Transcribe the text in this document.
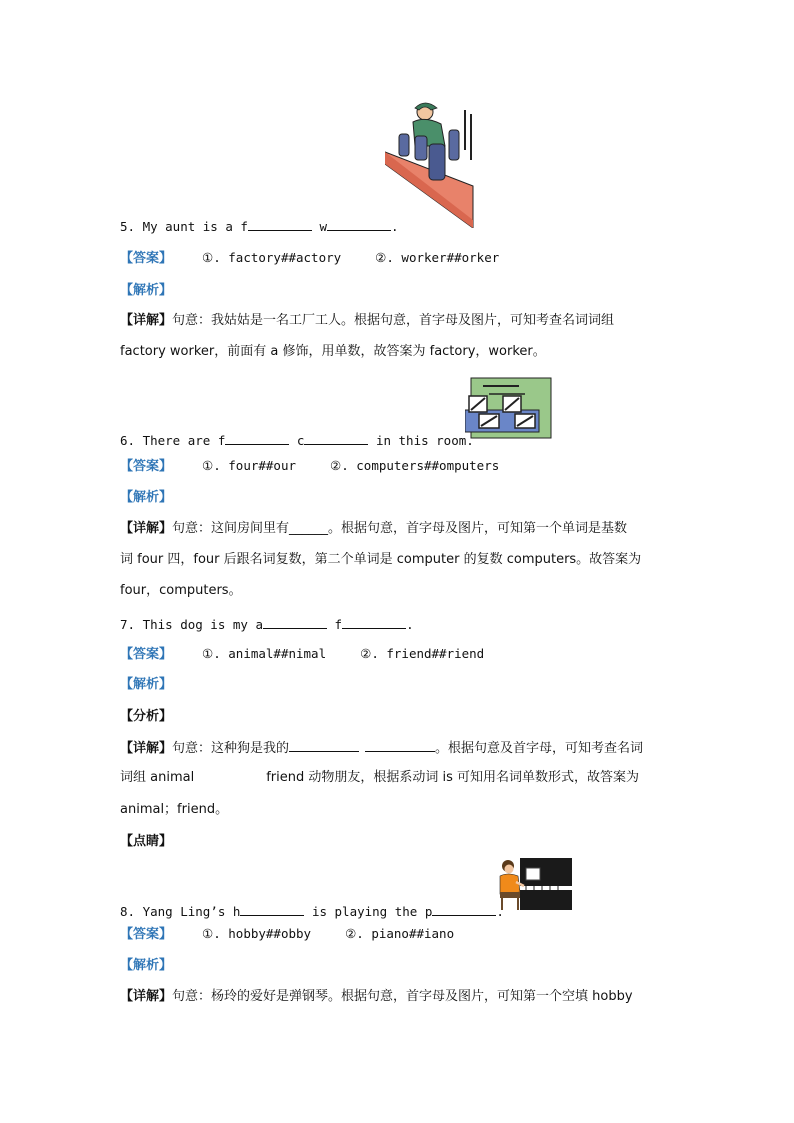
5. My aunt is a f	w	.
【答案】 ①. factory##actory	②. worker##orker
【解析】
【详解】句意：我姑姑是一名工厂工人。根据句意，首字母及图片，可知考查名词词组
factory worker，前面有 a 修饰，用单数，故答案为 factory，worker。
6. There are f	c	in this room.
【答案】 ①. four##our	②. computers##omputers
【解析】
【详解】句意：这间房间里有______。根据句意，首字母及图片，可知第一个单词是基数
词 four 四，four 后跟名词复数，第二个单词是 computer 的复数 computers。故答案为
four，computers。
7. This dog is my a	f	.
【答案】 ①. animal##nimal	②. friend##riend
【解析】
【分析】
【详解】句意：这种狗是我的	。根据句意及首字母，可知考查名词
词组 animal	friend 动物朋友，根据系动词 is 可知用名词单数形式，故答案为
animal；friend。
【点睛】
8. Yang Ling’s h	is playing the p	.
【答案】 ①. hobby##obby	②. piano##iano
【解析】
【详解】句意：杨玲的爱好是弹钢琴。根据句意，首字母及图片，可知第一个空填 hobby
